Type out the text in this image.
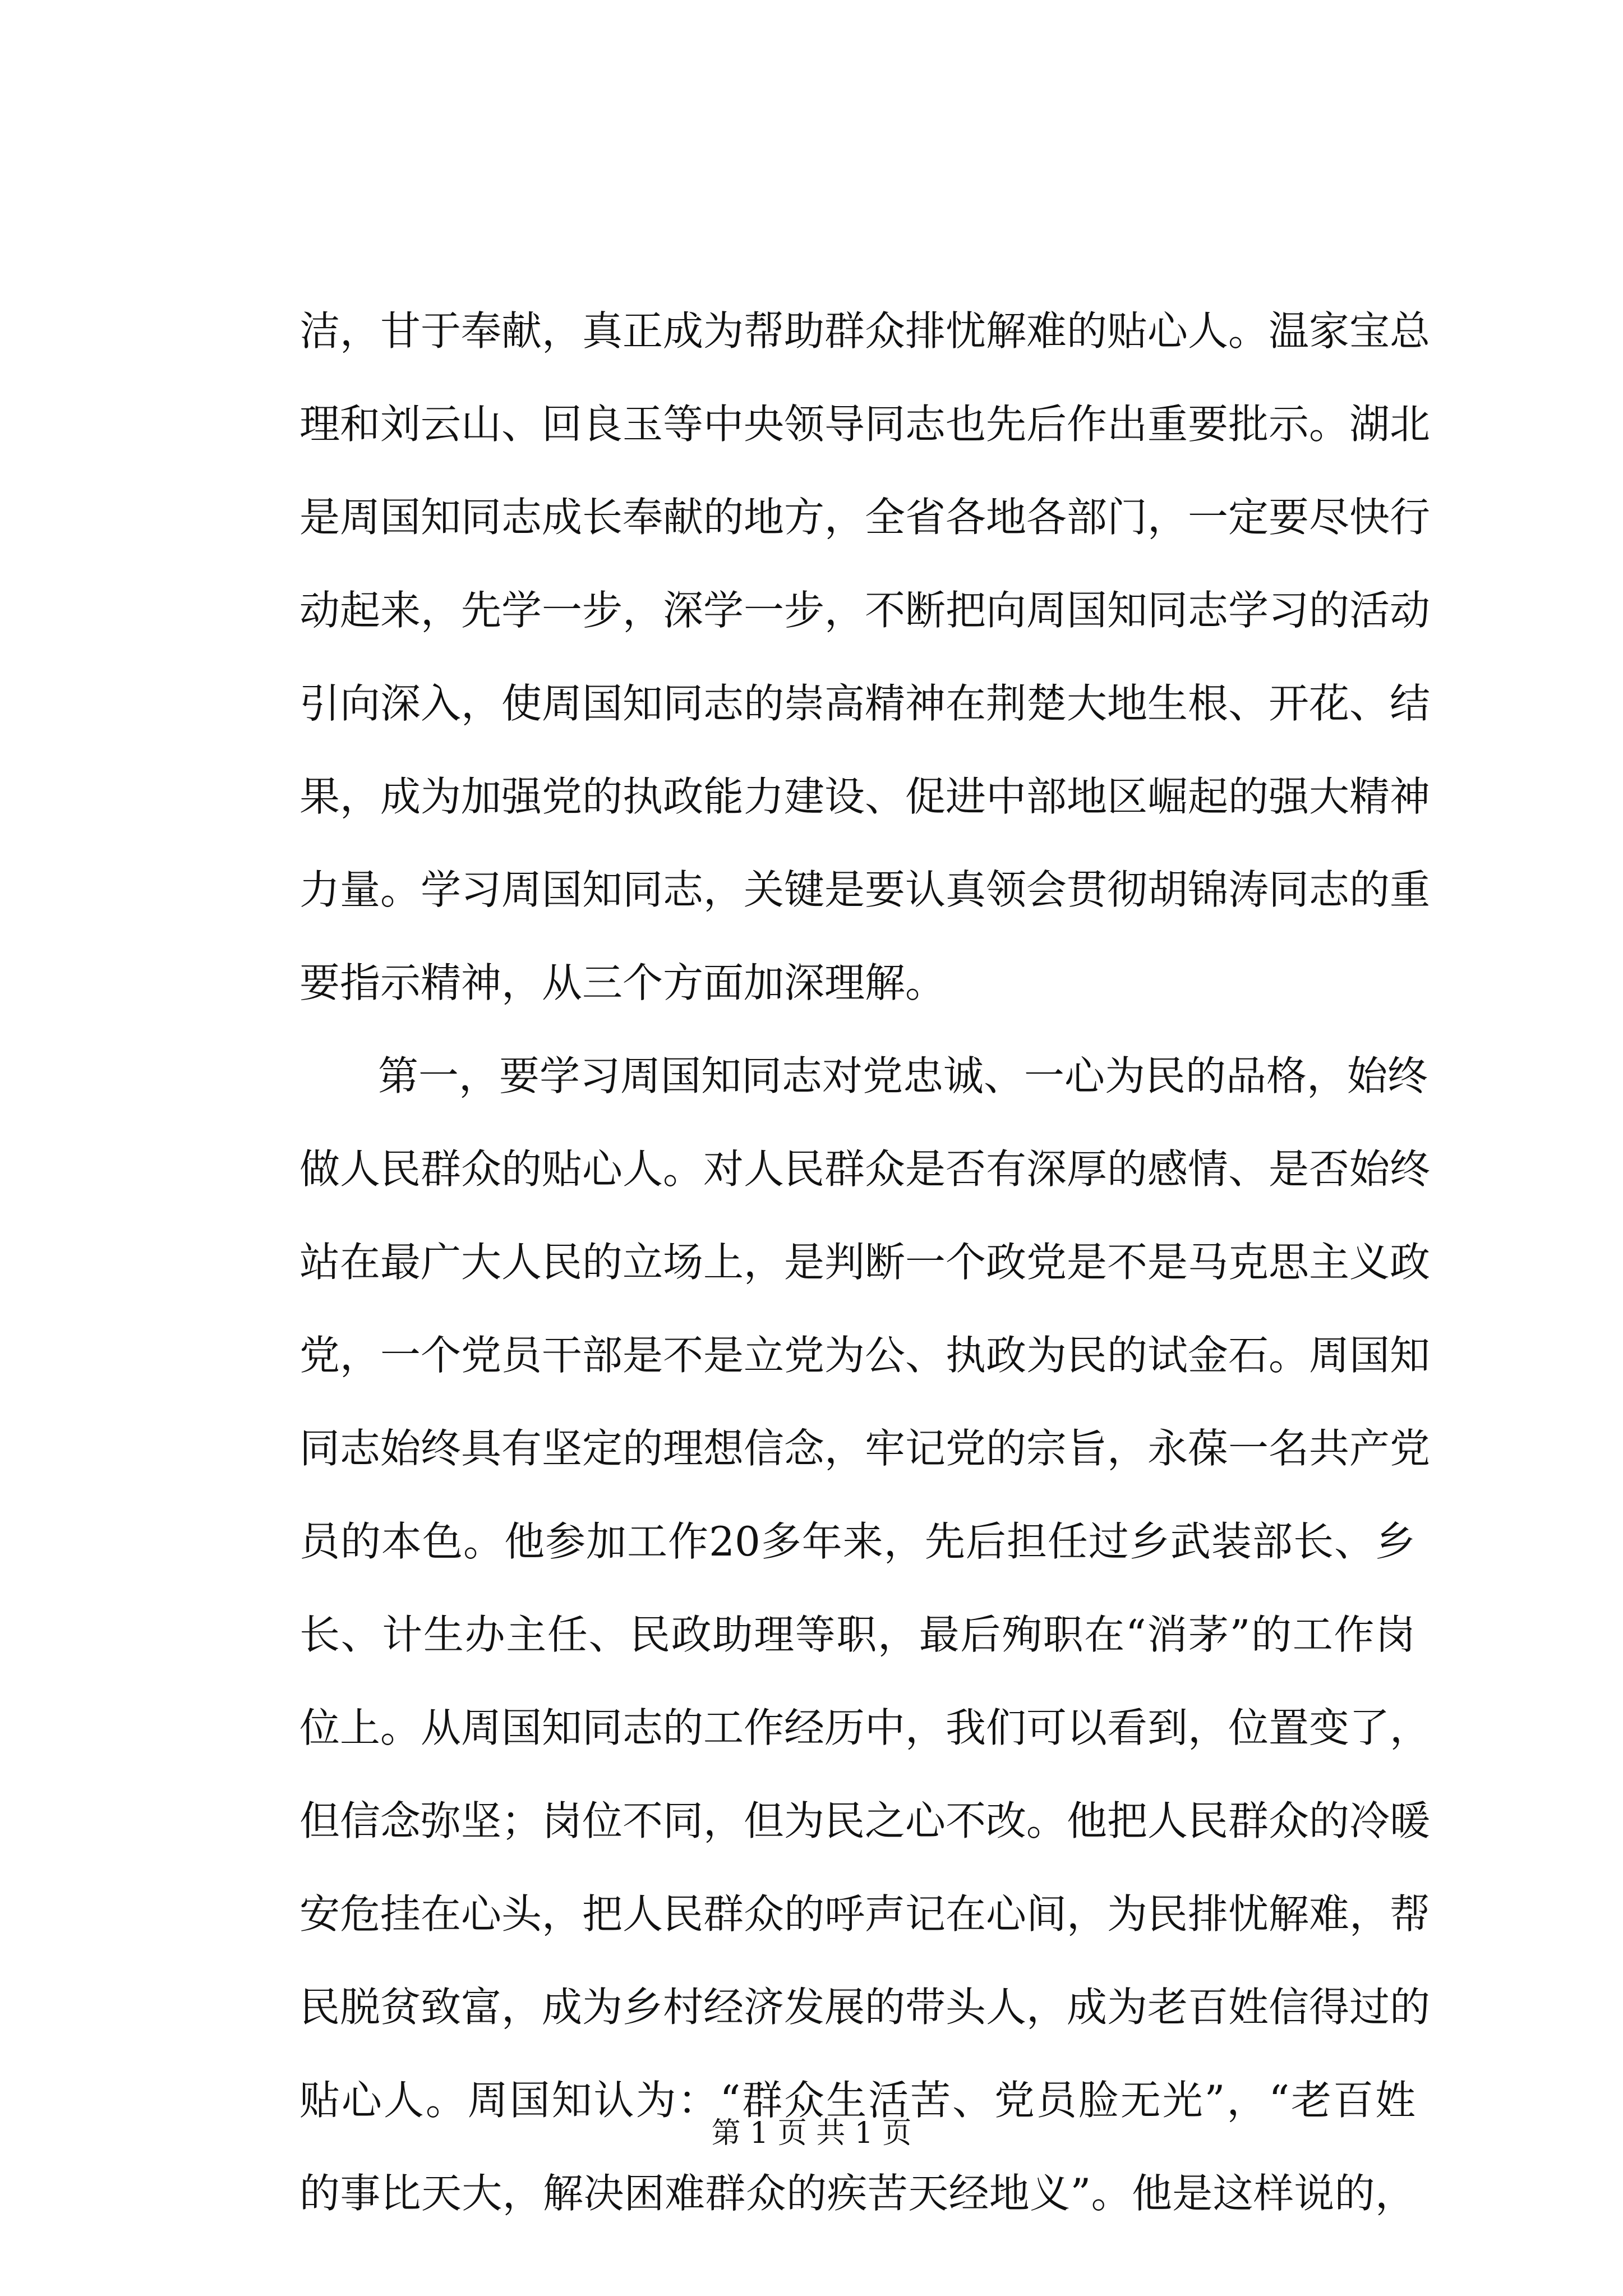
洁，甘于奉献，真正成为帮助群众排忧解难的贴心人。温家宝总
理和刘云山、回良玉等中央领导同志也先后作出重要批示。湖北
是周国知同志成长奉献的地方，全省各地各部门，一定要尽快行
动起来，先学一步，深学一步，不断把向周国知同志学习的活动
引向深入，使周国知同志的崇高精神在荆楚大地生根、开花、结
果，成为加强党的执政能力建设、促进中部地区崛起的强大精神
力量。学习周国知同志，关键是要认真领会贯彻胡锦涛同志的重
要指示精神，从三个方面加深理解。
第一，要学习周国知同志对党忠诚、一心为民的品格，始终
做人民群众的贴心人。对人民群众是否有深厚的感情、是否始终
站在最广大人民的立场上，是判断一个政党是不是马克思主义政
党，一个党员干部是不是立党为公、执政为民的试金石。周国知
同志始终具有坚定的理想信念，牢记党的宗旨，永葆一名共产党
员的本色。他参加工作20多年来，先后担任过乡武装部长、乡
长、计生办主任、民政助理等职，最后殉职在“消茅”的工作岗
位上。从周国知同志的工作经历中，我们可以看到，位置变了，
但信念弥坚；岗位不同，但为民之心不改。他把人民群众的冷暖
安危挂在心头，把人民群众的呼声记在心间，为民排忧解难，帮
民脱贫致富，成为乡村经济发展的带头人，成为老百姓信得过的
贴心人。周国知认为：“群众生活苦、党员脸无光”，“老百姓
的事比天大，解决困难群众的疾苦天经地义”。他是这样说的，
第 1 页 共 1 页
